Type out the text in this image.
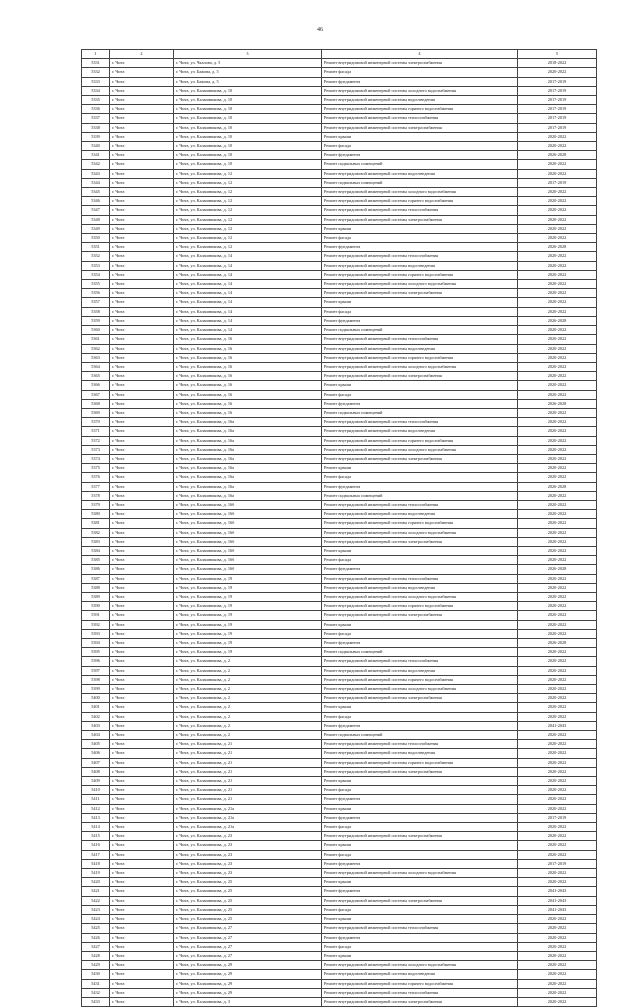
46
1	2	3	4	5
5331	г. Чита	г. Чита, ул. Чкалова, д. 5	Ремонт внутридомовой инженерной системы электроснабжения	2018-2022
5332	г. Чита	г. Чита, ул. Бажова, д. 5	Ремонт фасада	2020-2022
5333	г. Чита	г. Чита, ул. Бажова, д. 5	Ремонт фундамента	2017-2019
5334	г. Чита	г. Чита, ул. Калашникова, д. 10	Ремонт внутридомовой инженерной системы холодного водоснабжения	2017-2019
5335	г. Чита	г. Чита, ул. Калашникова, д. 10	Ремонт внутридомовой инженерной системы водоотведения	2017-2019
5336	г. Чита	г. Чита, ул. Калашникова, д. 10	Ремонт внутридомовой инженерной системы горячего водоснабжения	2017-2019
5337	г. Чита	г. Чита, ул. Калашникова, д. 10	Ремонт внутридомовой инженерной системы теплоснабжения	2017-2019
5338	г. Чита	г. Чита, ул. Калашникова, д. 10	Ремонт внутридомовой инженерной системы электроснабжения	2017-2019
5339	г. Чита	г. Чита, ул. Калашникова, д. 10	Ремонт крыши	2020-2022
5340	г. Чита	г. Чита, ул. Калашникова, д. 10	Ремонт фасада	2020-2022
5341	г. Чита	г. Чита, ул. Калашникова, д. 10	Ремонт фундамента	2026-2028
5342	г. Чита	г. Чита, ул. Калашникова, д. 10	Ремонт подвальных помещений	2020-2022
5343	г. Чита	г. Чита, ул. Калашникова, д. 12	Ремонт внутридомовой инженерной системы водоотведения	2020-2022
5344	г. Чита	г. Чита, ул. Калашникова, д. 12	Ремонт подвальных помещений	2017-2019
5345	г. Чита	г. Чита, ул. Калашникова, д. 12	Ремонт внутридомовой инженерной системы холодного водоснабжения	2020-2022
5346	г. Чита	г. Чита, ул. Калашникова, д. 12	Ремонт внутридомовой инженерной системы горячего водоснабжения	2020-2022
5347	г. Чита	г. Чита, ул. Калашникова, д. 12	Ремонт внутридомовой инженерной системы теплоснабжения	2020-2022
5348	г. Чита	г. Чита, ул. Калашникова, д. 12	Ремонт внутридомовой инженерной системы электроснабжения	2020-2022
5349	г. Чита	г. Чита, ул. Калашникова, д. 12	Ремонт крыши	2020-2022
5350	г. Чита	г. Чита, ул. Калашникова, д. 12	Ремонт фасада	2020-2022
5351	г. Чита	г. Чита, ул. Калашникова, д. 12	Ремонт фундамента	2026-2028
5352	г. Чита	г. Чита, ул. Калашникова, д. 14	Ремонт внутридомовой инженерной системы теплоснабжения	2020-2022
5353	г. Чита	г. Чита, ул. Калашникова, д. 14	Ремонт внутридомовой инженерной системы водоотведения	2020-2022
5354	г. Чита	г. Чита, ул. Калашникова, д. 14	Ремонт внутридомовой инженерной системы горячего водоснабжения	2020-2022
5355	г. Чита	г. Чита, ул. Калашникова, д. 14	Ремонт внутридомовой инженерной системы холодного водоснабжения	2020-2022
5356	г. Чита	г. Чита, ул. Калашникова, д. 14	Ремонт внутридомовой инженерной системы электроснабжения	2020-2022
5357	г. Чита	г. Чита, ул. Калашникова, д. 14	Ремонт крыши	2020-2022
5358	г. Чита	г. Чита, ул. Калашникова, д. 14	Ремонт фасада	2020-2022
5359	г. Чита	г. Чита, ул. Калашникова, д. 14	Ремонт фундамента	2026-2028
5360	г. Чита	г. Чита, ул. Калашникова, д. 14	Ремонт подвальных помещений	2020-2022
5361	г. Чита	г. Чита, ул. Калашникова, д. 16	Ремонт внутридомовой инженерной системы теплоснабжения	2020-2022
5362	г. Чита	г. Чита, ул. Калашникова, д. 16	Ремонт внутридомовой инженерной системы водоотведения	2020-2022
5363	г. Чита	г. Чита, ул. Калашникова, д. 16	Ремонт внутридомовой инженерной системы горячего водоснабжения	2020-2022
5364	г. Чита	г. Чита, ул. Калашникова, д. 16	Ремонт внутридомовой инженерной системы холодного водоснабжения	2020-2022
5365	г. Чита	г. Чита, ул. Калашникова, д. 16	Ремонт внутридомовой инженерной системы электроснабжения	2020-2022
5366	г. Чита	г. Чита, ул. Калашникова, д. 16	Ремонт крыши	2020-2022
5367	г. Чита	г. Чита, ул. Калашникова, д. 16	Ремонт фасада	2020-2022
5368	г. Чита	г. Чита, ул. Калашникова, д. 16	Ремонт фундамента	2026-2028
5369	г. Чита	г. Чита, ул. Калашникова, д. 16	Ремонт подвальных помещений	2020-2022
5370	г. Чита	г. Чита, ул. Калашникова, д. 16а	Ремонт внутридомовой инженерной системы теплоснабжения	2020-2022
5371	г. Чита	г. Чита, ул. Калашникова, д. 16а	Ремонт внутридомовой инженерной системы водоотведения	2020-2022
5372	г. Чита	г. Чита, ул. Калашникова, д. 16а	Ремонт внутридомовой инженерной системы горячего водоснабжения	2020-2022
5373	г. Чита	г. Чита, ул. Калашникова, д. 16а	Ремонт внутридомовой инженерной системы холодного водоснабжения	2020-2022
5374	г. Чита	г. Чита, ул. Калашникова, д. 16а	Ремонт внутридомовой инженерной системы электроснабжения	2020-2022
5375	г. Чита	г. Чита, ул. Калашникова, д. 16а	Ремонт крыши	2020-2022
5376	г. Чита	г. Чита, ул. Калашникова, д. 16а	Ремонт фасада	2020-2022
5377	г. Чита	г. Чита, ул. Калашникова, д. 16а	Ремонт фундамента	2026-2028
5378	г. Чита	г. Чита, ул. Калашникова, д. 16а	Ремонт подвальных помещений	2020-2022
5379	г. Чита	г. Чита, ул. Калашникова, д. 16б	Ремонт внутридомовой инженерной системы теплоснабжения	2020-2022
5380	г. Чита	г. Чита, ул. Калашникова, д. 16б	Ремонт внутридомовой инженерной системы водоотведения	2020-2022
5381	г. Чита	г. Чита, ул. Калашникова, д. 16б	Ремонт внутридомовой инженерной системы горячего водоснабжения	2020-2022
5382	г. Чита	г. Чита, ул. Калашникова, д. 16б	Ремонт внутридомовой инженерной системы холодного водоснабжения	2020-2022
5383	г. Чита	г. Чита, ул. Калашникова, д. 16б	Ремонт внутридомовой инженерной системы электроснабжения	2020-2022
5384	г. Чита	г. Чита, ул. Калашникова, д. 16б	Ремонт крыши	2020-2022
5385	г. Чита	г. Чита, ул. Калашникова, д. 16б	Ремонт фасада	2020-2022
5386	г. Чита	г. Чита, ул. Калашникова, д. 16б	Ремонт фундамента	2026-2028
5387	г. Чита	г. Чита, ул. Калашникова, д. 19	Ремонт внутридомовой инженерной системы теплоснабжения	2020-2022
5388	г. Чита	г. Чита, ул. Калашникова, д. 19	Ремонт внутридомовой инженерной системы водоотведения	2020-2022
5389	г. Чита	г. Чита, ул. Калашникова, д. 19	Ремонт внутридомовой инженерной системы холодного водоснабжения	2020-2022
5390	г. Чита	г. Чита, ул. Калашникова, д. 19	Ремонт внутридомовой инженерной системы горячего водоснабжения	2020-2022
5391	г. Чита	г. Чита, ул. Калашникова, д. 19	Ремонт внутридомовой инженерной системы электроснабжения	2020-2022
5392	г. Чита	г. Чита, ул. Калашникова, д. 19	Ремонт крыши	2020-2022
5393	г. Чита	г. Чита, ул. Калашникова, д. 19	Ремонт фасада	2020-2022
5394	г. Чита	г. Чита, ул. Калашникова, д. 19	Ремонт фундамента	2026-2028
5395	г. Чита	г. Чита, ул. Калашникова, д. 19	Ремонт подвальных помещений	2020-2022
5396	г. Чита	г. Чита, ул. Калашникова, д. 2	Ремонт внутридомовой инженерной системы теплоснабжения	2020-2022
5397	г. Чита	г. Чита, ул. Калашникова, д. 2	Ремонт внутридомовой инженерной системы водоотведения	2020-2022
5398	г. Чита	г. Чита, ул. Калашникова, д. 2	Ремонт внутридомовой инженерной системы горячего водоснабжения	2020-2022
5399	г. Чита	г. Чита, ул. Калашникова, д. 2	Ремонт внутридомовой инженерной системы холодного водоснабжения	2020-2022
5400	г. Чита	г. Чита, ул. Калашникова, д. 2	Ремонт внутридомовой инженерной системы электроснабжения	2020-2022
5401	г. Чита	г. Чита, ул. Калашникова, д. 2	Ремонт крыши	2020-2022
5402	г. Чита	г. Чита, ул. Калашникова, д. 2	Ремонт фасада	2020-2022
5403	г. Чита	г. Чита, ул. Калашникова, д. 2	Ремонт фундамента	2041-2043
5404	г. Чита	г. Чита, ул. Калашникова, д. 2	Ремонт подвальных помещений	2020-2022
5405	г. Чита	г. Чита, ул. Калашникова, д. 21	Ремонт внутридомовой инженерной системы теплоснабжения	2020-2022
5406	г. Чита	г. Чита, ул. Калашникова, д. 21	Ремонт внутридомовой инженерной системы водоотведения	2020-2022
5407	г. Чита	г. Чита, ул. Калашникова, д. 21	Ремонт внутридомовой инженерной системы горячего водоснабжения	2020-2022
5408	г. Чита	г. Чита, ул. Калашникова, д. 21	Ремонт внутридомовой инженерной системы электроснабжения	2020-2022
5409	г. Чита	г. Чита, ул. Калашникова, д. 21	Ремонт крыши	2020-2022
5410	г. Чита	г. Чита, ул. Калашникова, д. 21	Ремонт фасада	2020-2022
5411	г. Чита	г. Чита, ул. Калашникова, д. 21	Ремонт фундамента	2020-2022
5412	г. Чита	г. Чита, ул. Калашникова, д. 21а	Ремонт крыши	2020-2022
5413	г. Чита	г. Чита, ул. Калашникова, д. 21а	Ремонт фундамента	2017-2019
5414	г. Чита	г. Чита, ул. Калашникова, д. 21а	Ремонт фасада	2020-2022
5415	г. Чита	г. Чита, ул. Калашникова, д. 23	Ремонт внутридомовой инженерной системы электроснабжения	2020-2022
5416	г. Чита	г. Чита, ул. Калашникова, д. 23	Ремонт крыши	2020-2022
5417	г. Чита	г. Чита, ул. Калашникова, д. 23	Ремонт фасада	2020-2022
5418	г. Чита	г. Чита, ул. Калашникова, д. 23	Ремонт фундамента	2017-2019
5419	г. Чита	г. Чита, ул. Калашникова, д. 23	Ремонт внутридомовой инженерной системы холодного водоснабжения	2020-2022
5420	г. Чита	г. Чита, ул. Калашникова, д. 25	Ремонт крыши	2020-2022
5421	г. Чита	г. Чита, ул. Калашникова, д. 25	Ремонт фундамента	2041-2043
5422	г. Чита	г. Чита, ул. Калашникова, д. 25	Ремонт внутридомовой инженерной системы электроснабжения	2041-2043
5423	г. Чита	г. Чита, ул. Калашникова, д. 25	Ремонт фасада	2041-2043
5424	г. Чита	г. Чита, ул. Калашникова, д. 25	Ремонт крыши	2020-2022
5425	г. Чита	г. Чита, ул. Калашникова, д. 27	Ремонт внутридомовой инженерной системы теплоснабжения	2020-2022
5426	г. Чита	г. Чита, ул. Калашникова, д. 27	Ремонт фундамента	2020-2022
5427	г. Чита	г. Чита, ул. Калашникова, д. 27	Ремонт фасада	2020-2022
5428	г. Чита	г. Чита, ул. Калашникова, д. 27	Ремонт крыши	2020-2022
5429	г. Чита	г. Чита, ул. Калашникова, д. 29	Ремонт внутридомовой инженерной системы холодного водоснабжения	2020-2022
5430	г. Чита	г. Чита, ул. Калашникова, д. 29	Ремонт внутридомовой инженерной системы водоотведения	2020-2022
5431	г. Чита	г. Чита, ул. Калашникова, д. 29	Ремонт внутридомовой инженерной системы горячего водоснабжения	2020-2022
5432	г. Чита	г. Чита, ул. Калашникова, д. 29	Ремонт внутридомовой инженерной системы теплоснабжения	2020-2022
5433	г. Чита	г. Чита, ул. Калашникова, д. 3	Ремонт внутридомовой инженерной системы электроснабжения	2020-2022
